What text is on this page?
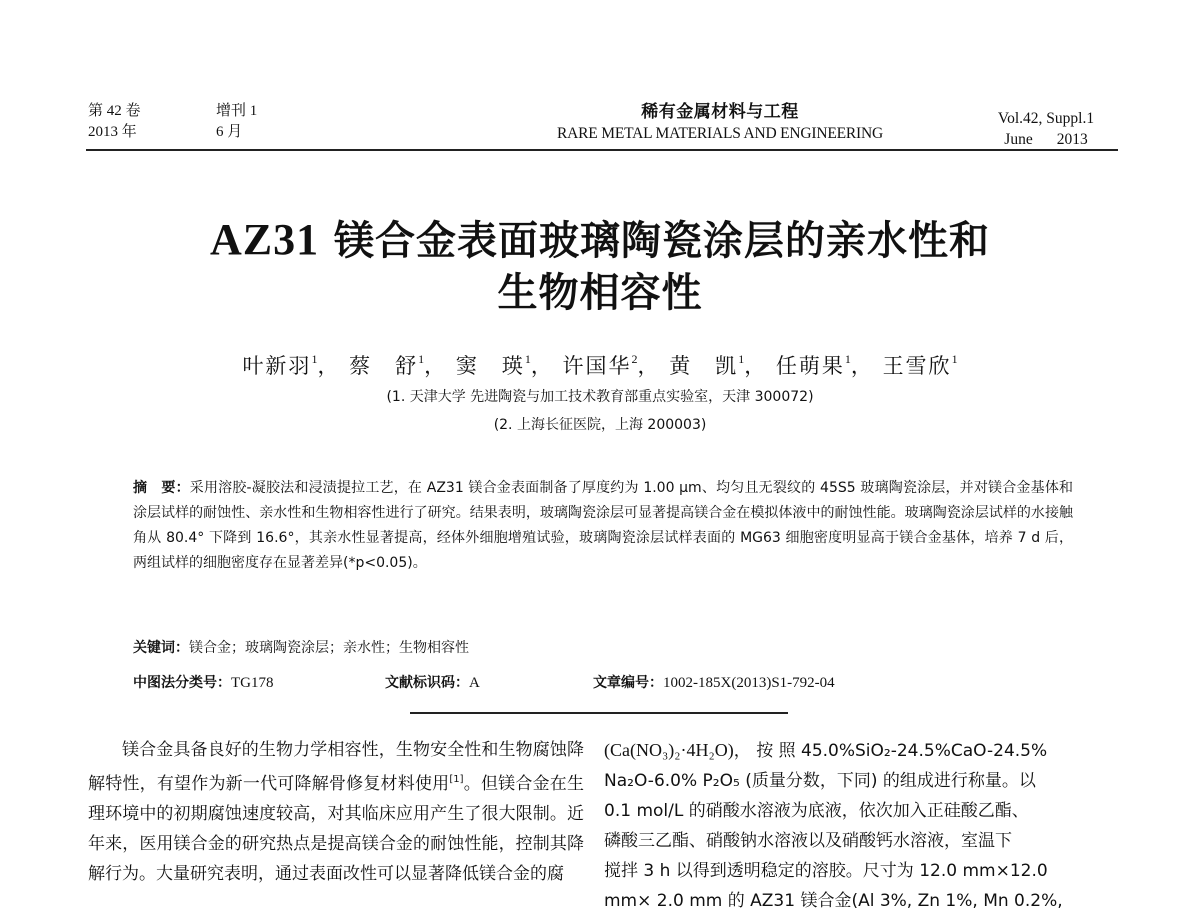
第 42 卷	增刊 1
2013 年	6 月
稀有金属材料与工程
RARE METAL MATERIALS AND ENGINEERING
Vol.42, Suppl.1
June 2013
AZ31 镁合金表面玻璃陶瓷涂层的亲水性和
生物相容性
叶新羽$^1$， 蔡　舒$^1$， 窦　瑛$^1$， 许国华$^2$， 黄　凯$^1$， 任萌果$^1$， 王雪欣$^1$
(1. 天津大学 先进陶瓷与加工技术教育部重点实验室，天津 300072)
(2. 上海长征医院，上海 200003)
摘　要：采用溶胶-凝胶法和浸渍提拉工艺，在 AZ31 镁合金表面制备了厚度约为 1.00 μm、均匀且无裂纹的 45S5 玻璃陶瓷涂层，并对镁合金基体和涂层试样的耐蚀性、亲水性和生物相容性进行了研究。结果表明，玻璃陶瓷涂层可显著提高镁合金在模拟体液中的耐蚀性能。玻璃陶瓷涂层试样的水接触角从 80.4° 下降到 16.6°，其亲水性显著提高，经体外细胞增殖试验，玻璃陶瓷涂层试样表面的 MG63 细胞密度明显高于镁合金基体，培养 7 d 后，两组试样的细胞密度存在显著差异(*p<0.05)。
关键词：镁合金；玻璃陶瓷涂层；亲水性；生物相容性
中图法分类号：TG178	文献标识码：A	文章编号：1002-185X(2013)S1-792-04

镁合金具备良好的生物力学相容性，生物安全性和生物腐蚀降解特性，有望作为新一代可降解骨修复材料使用[1]。但镁合金在生理环境中的初期腐蚀速度较高，对其临床应用产生了很大限制。近年来，医用镁合金的研究热点是提高镁合金的耐蚀性能，控制其降解行为。大量研究表明，通过表面改性可以显著降低镁合金的腐

(Ca(NO₃)₂·4H₂O)， 按 照 45.0%SiO₂-24.5%CaO-24.5%
Na₂O-6.0% P₂O₅ (质量分数，下同) 的组成进行称量。以
0.1 mol/L 的硝酸水溶液为底液，依次加入正硅酸乙酯、
磷酸三乙酯、硝酸钠水溶液以及硝酸钙水溶液，室温下
搅拌 3 h 以得到透明稳定的溶胶。尺寸为 12.0 mm×12.0
mm× 2.0 mm 的 AZ31 镁合金(Al 3%, Zn 1%, Mn 0.2%,
